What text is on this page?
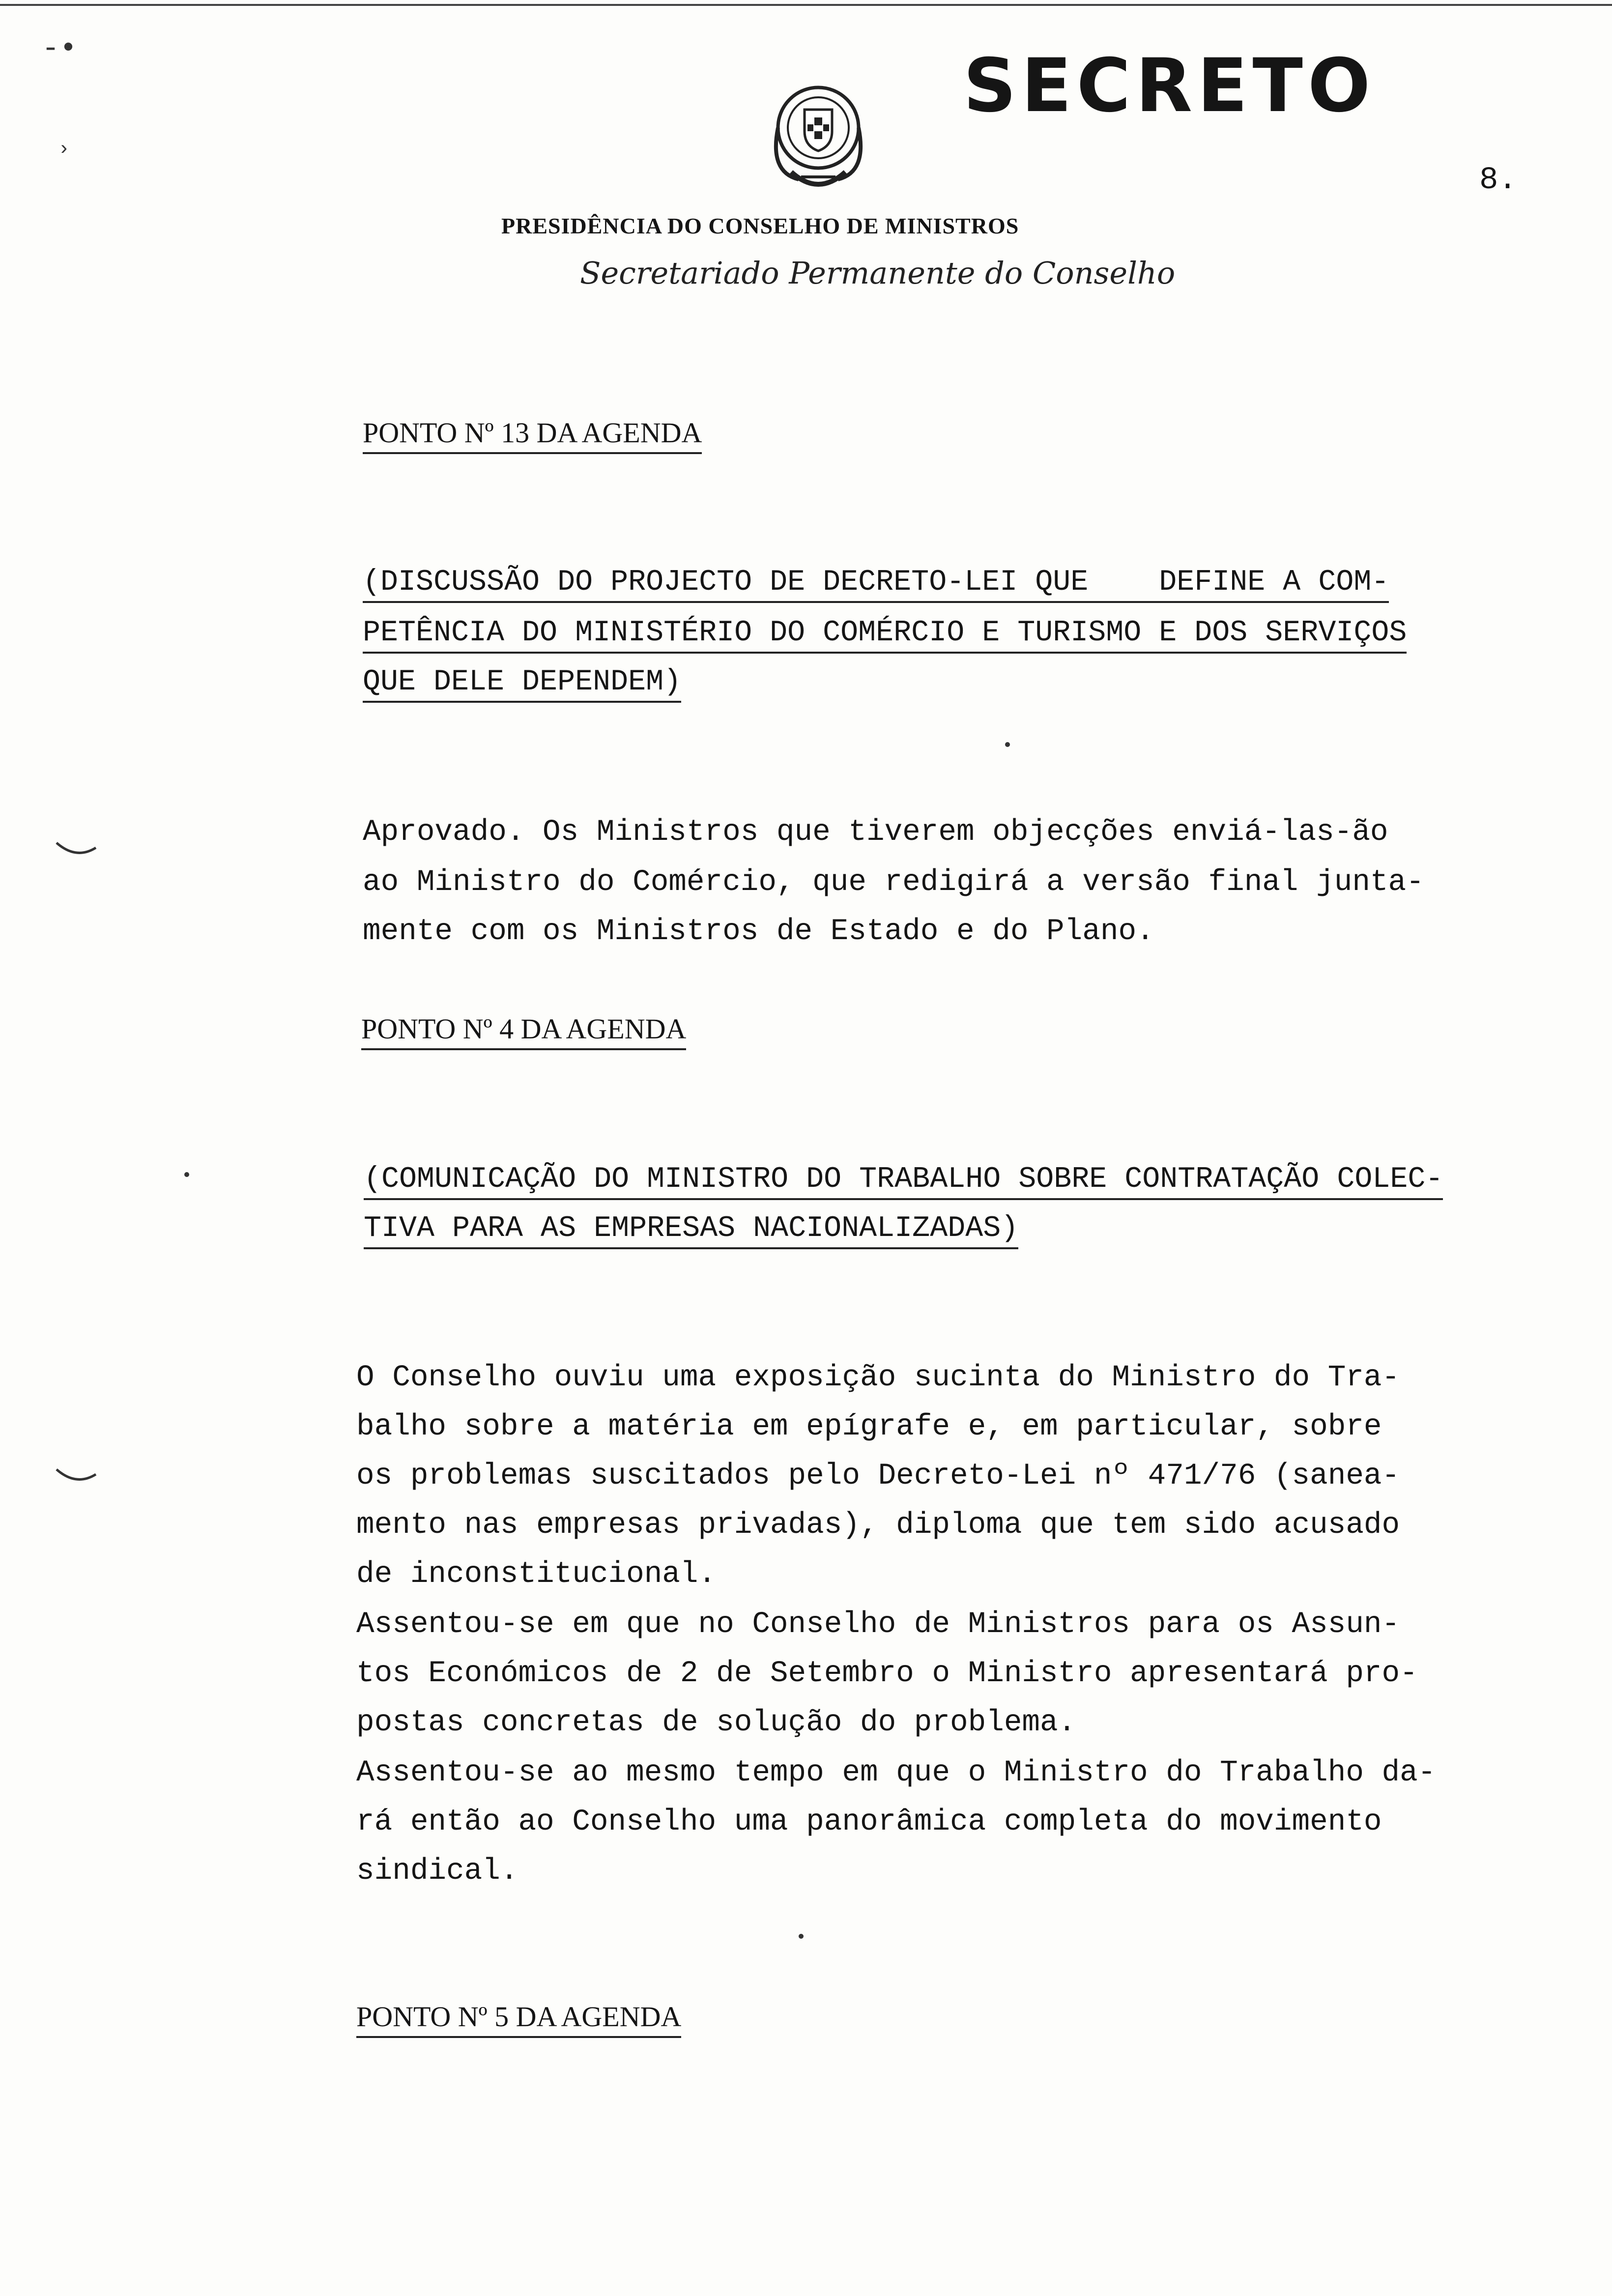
-•
›
SECRETO
8.
PRESIDÊNCIA DO CONSELHO DE MINISTROS
Secretariado Permanente do Conselho
PONTO Nº 13 DA AGENDA
(DISCUSSÃO DO PROJECTO DE DECRETO-LEI QUE    DEFINE A COM-
PETÊNCIA DO MINISTÉRIO DO COMÉRCIO E TURISMO E DOS SERVIÇOS
QUE DELE DEPENDEM)
Aprovado. Os Ministros que tiverem objecções enviá-las-ão
ao Ministro do Comércio, que redigirá a versão final junta-
mente com os Ministros de Estado e do Plano.
PONTO Nº 4 DA AGENDA
(COMUNICAÇÃO DO MINISTRO DO TRABALHO SOBRE CONTRATAÇÃO COLEC-
TIVA PARA AS EMPRESAS NACIONALIZADAS)
O Conselho ouviu uma exposição sucinta do Ministro do Tra-
balho sobre a matéria em epígrafe e, em particular, sobre
os problemas suscitados pelo Decreto-Lei nº 471/76 (sanea-
mento nas empresas privadas), diploma que tem sido acusado
de inconstitucional.
Assentou-se em que no Conselho de Ministros para os Assun-
tos Económicos de 2 de Setembro o Ministro apresentará pro-
postas concretas de solução do problema.
Assentou-se ao mesmo tempo em que o Ministro do Trabalho da-
rá então ao Conselho uma panorâmica completa do movimento
sindical.
PONTO Nº 5 DA AGENDA
